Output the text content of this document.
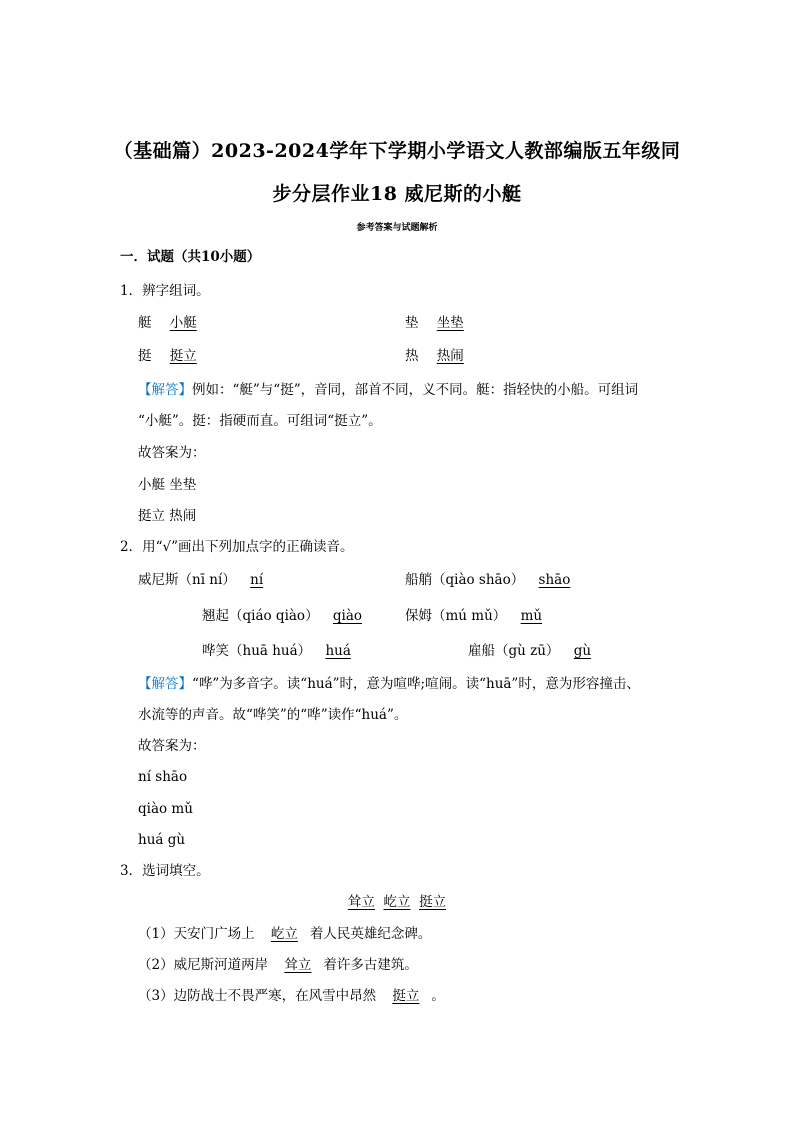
（基础篇）2023-2024学年下学期小学语文人教部编版五年级同
步分层作业18 威尼斯的小艇
参考答案与试题解析
一．试题（共10小题）
1．辨字组词。
艇 小艇	垫 坐垫
挺 挺立	热 热闹
【解答】例如：“艇”与“挺”，音同，部首不同，义不同。艇：指轻快的小船。可组词
“小艇”。挺：指硬而直。可组词“挺立”。
故答案为：
小艇 坐垫
挺立 热闹
2．用“√”画出下列加点字的正确读音。
威尼斯（nī ní） ní	船艄（qiào shāo） shāo
翘起（qiáo qiào） qiào	保姆（mú mǔ） mǔ
哗笑（huā huá） huá	雇船（gù zū） gù
【解答】“哗”为多音字。读“huá”时，意为喧哗;喧闹。读“huā”时，意为形容撞击、
水流等的声音。故“哗笑”的“哗”读作“huá”。
故答案为：
ní shāo
qiào mǔ
huá gù
3．选词填空。
耸立 屹立 挺立
（1）天安门广场上 屹立 着人民英雄纪念碑。
（2）威尼斯河道两岸 耸立 着许多古建筑。
（3）边防战士不畏严寒，在风雪中昂然 挺立 。
